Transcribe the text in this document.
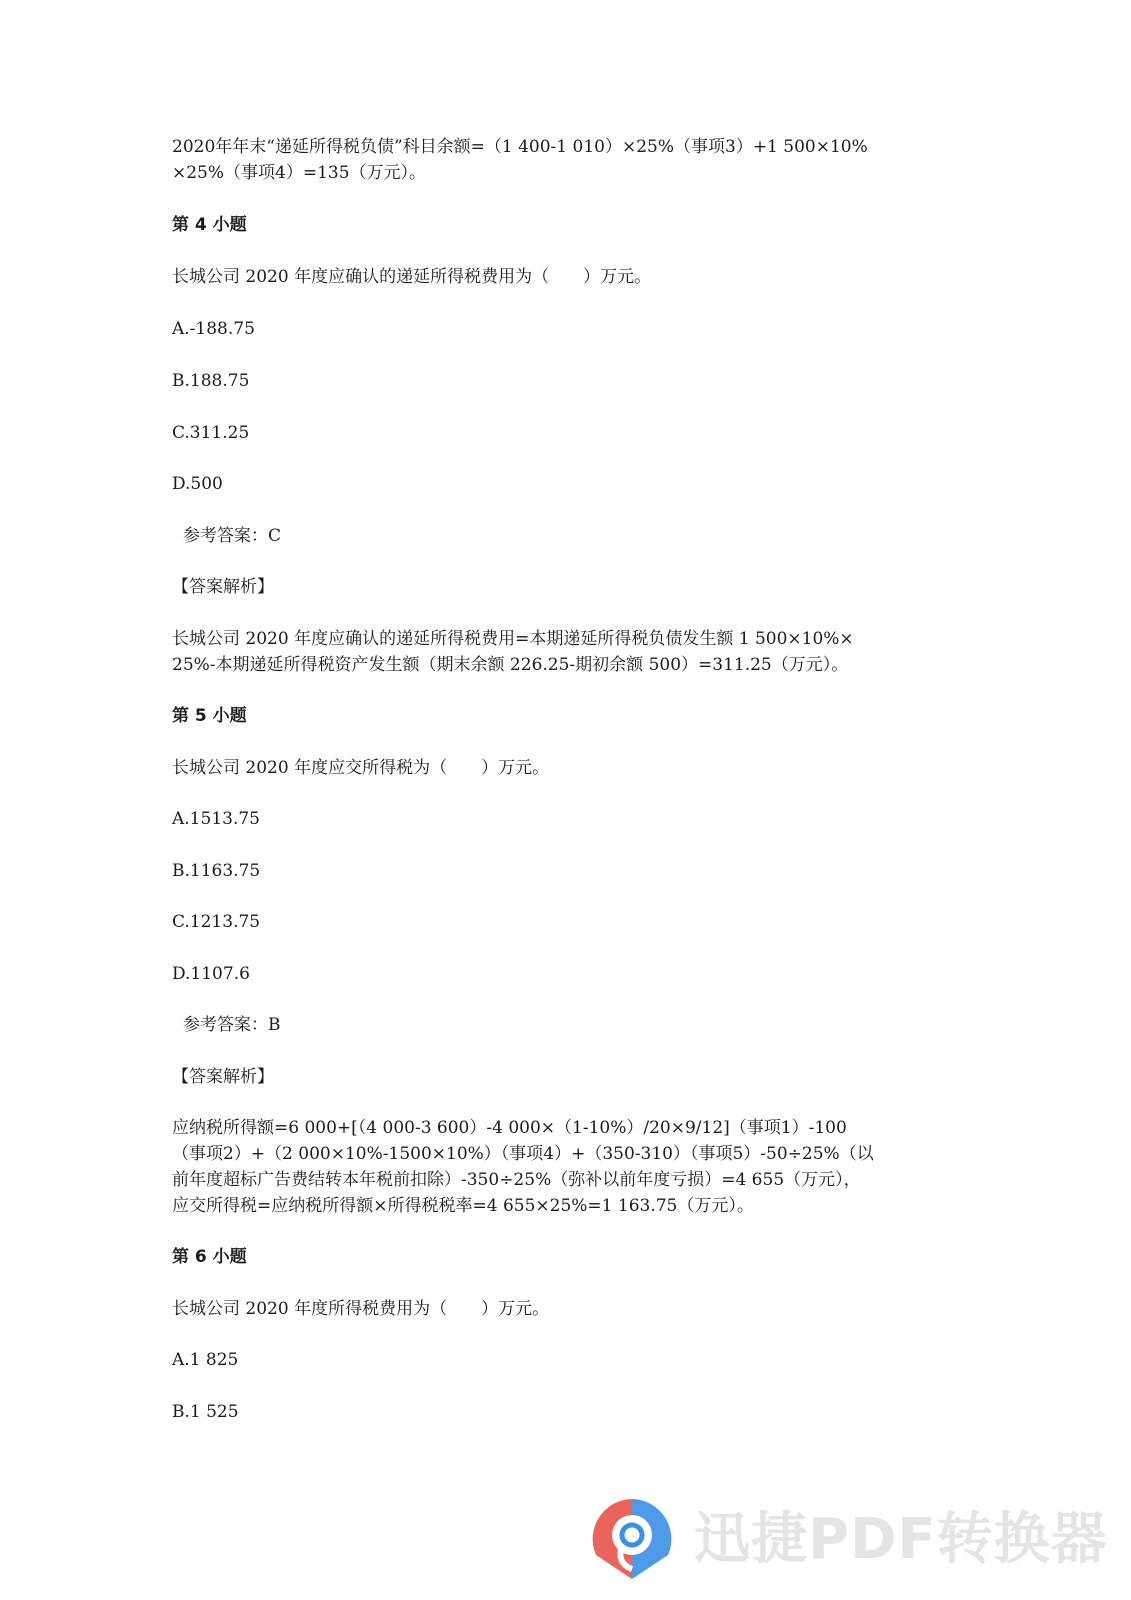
2020年年末“递延所得税负债”科目余额=（1 400-1 010）×25%（事项3）+1 500×10%
×25%（事项4）=135（万元）。
第 4 小题
长城公司 2020 年度应确认的递延所得税费用为（　　）万元。
A.-188.75
B.188.75
C.311.25
D.500
参考答案：C
【答案解析】
长城公司 2020 年度应确认的递延所得税费用=本期递延所得税负债发生额 1 500×10%×
25%-本期递延所得税资产发生额（期末余额 226.25-期初余额 500）=311.25（万元）。
第 5 小题
长城公司 2020 年度应交所得税为（　　）万元。
A.1513.75
B.1163.75
C.1213.75
D.1107.6
参考答案：B
【答案解析】
应纳税所得额=6 000+[（4 000-3 600）-4 000×（1-10%）/20×9/12]（事项1）-100
（事项2）+（2 000×10%-1500×10%）（事项4）+（350-310）（事项5）-50÷25%（以
前年度超标广告费结转本年税前扣除）-350÷25%（弥补以前年度亏损）=4 655（万元），
应交所得税=应纳税所得额×所得税税率=4 655×25%=1 163.75（万元）。
第 6 小题
长城公司 2020 年度所得税费用为（　　）万元。
A.1 825
B.1 525
迅捷PDF转换器
